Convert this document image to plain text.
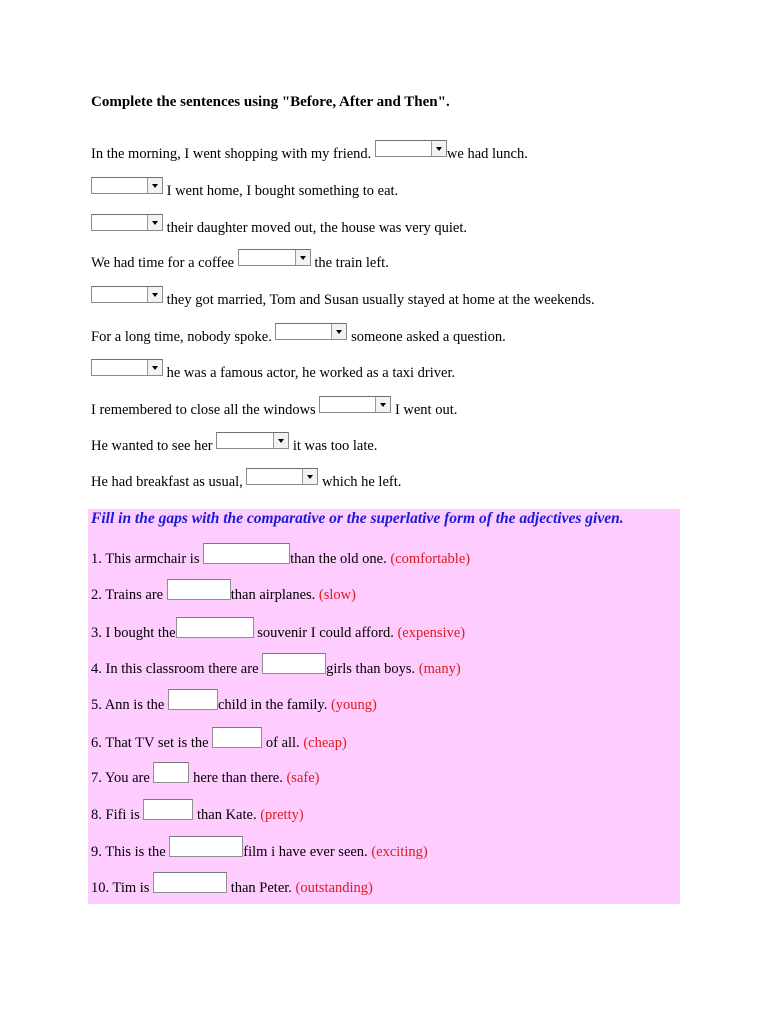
Complete the sentences using "Before, After and Then".
In the morning, I went shopping with my friend.	we had lunch.
I went home, I bought something to eat.
their daughter moved out, the house was very quiet.
We had time for a coffee	the train left.
they got married, Tom and Susan usually stayed at home at the weekends.
For a long time, nobody spoke.	someone asked a question.
he was a famous actor, he worked as a taxi driver.
I remembered to close all the windows	I went out.
He wanted to see her	it was too late.
He had breakfast as usual,	which he left.
Fill in the gaps with the comparative or the superlative form of the adjectives given.
1. This armchair is	than the old one. (comfortable)
2. Trains are	than airplanes. (slow)
3. I bought the	souvenir I could afford. (expensive)
4. In this classroom there are	girls than boys. (many)
5. Ann is the	child in the family. (young)
6. That TV set is the	of all. (cheap)
7. You are here than there. (safe)
8. Fifi is	than Kate. (pretty)
9. This is the	film i have ever seen. (exciting)
10. Tim is	than Peter. (outstanding)
